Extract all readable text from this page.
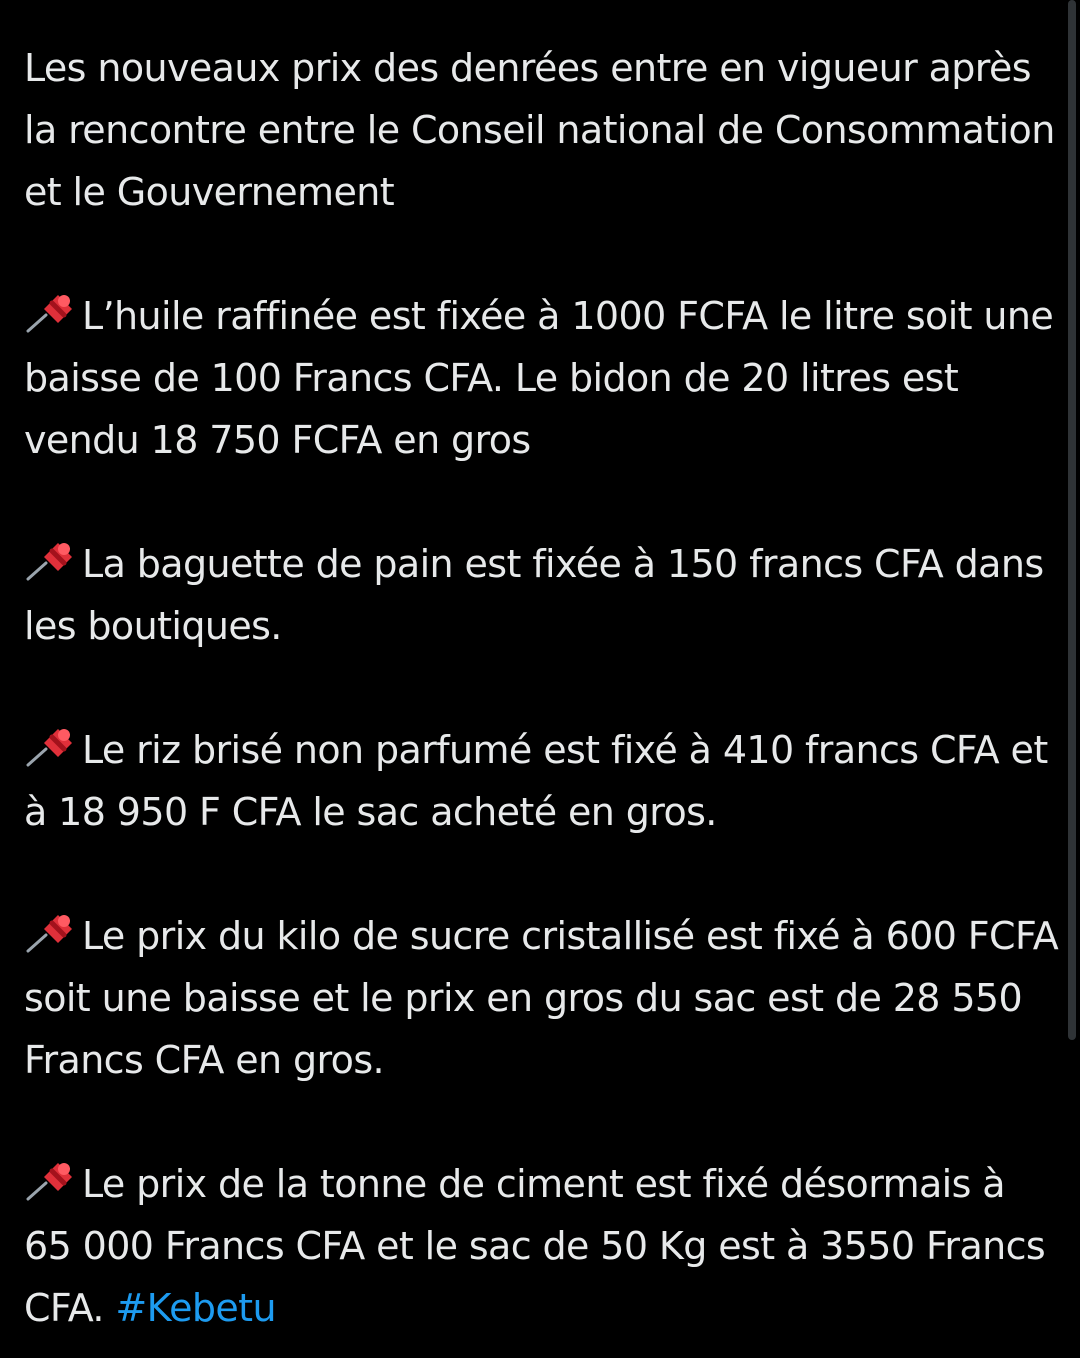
Les nouveaux prix des denrées entre en vigueur après la rencontre entre le Conseil national de Consommation et le Gouvernement

L’huile raffinée est fixée à 1000 FCFA le litre soit une baisse de 100 Francs CFA. Le bidon de 20 litres est vendu 18 750 FCFA en gros

La baguette de pain est fixée à 150 francs CFA dans les boutiques.

Le riz brisé non parfumé est fixé à 410 francs CFA et à 18 950 F CFA le sac acheté en gros.

Le prix du kilo de sucre cristallisé est fixé à 600 FCFA soit une baisse et le prix en gros du sac est de 28 550 Francs CFA en gros.

Le prix de la tonne de ciment est fixé désormais à 65 000 Francs CFA et le sac de 50 Kg est à 3550 Francs CFA. #Kebetu
